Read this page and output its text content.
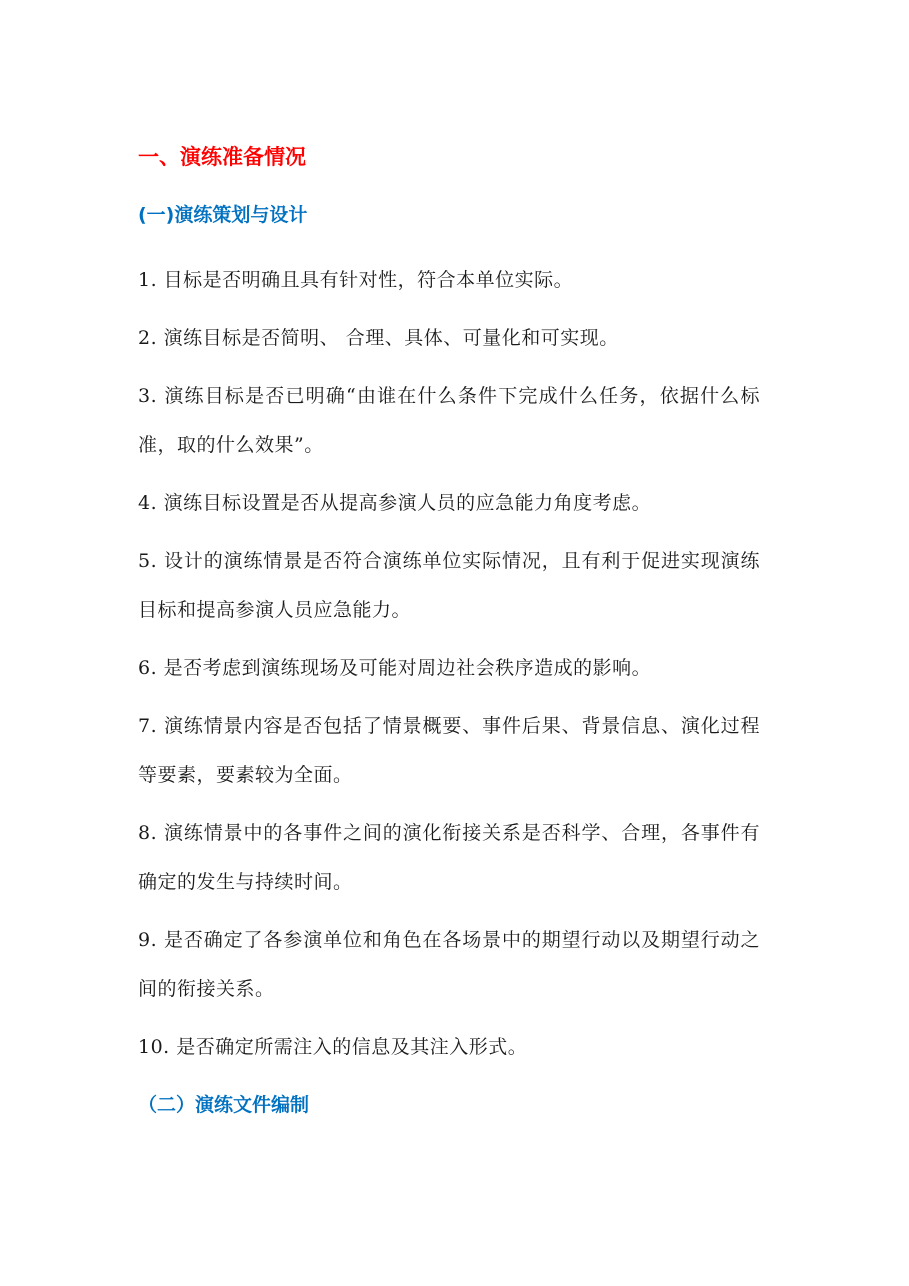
一、演练准备情况
(一)演练策划与设计
1. 目标是否明确且具有针对性，符合本单位实际。
2. 演练目标是否简明、 合理、具体、可量化和可实现。
3. 演练目标是否已明确“由谁在什么条件下完成什么任务，依据什么标准，取的什么效果”。
4. 演练目标设置是否从提高参演人员的应急能力角度考虑。
5. 设计的演练情景是否符合演练单位实际情况，且有利于促进实现演练目标和提高参演人员应急能力。
6. 是否考虑到演练现场及可能对周边社会秩序造成的影响。
7. 演练情景内容是否包括了情景概要、事件后果、背景信息、演化过程等要素，要素较为全面。
8. 演练情景中的各事件之间的演化衔接关系是否科学、合理，各事件有确定的发生与持续时间。
9. 是否确定了各参演单位和角色在各场景中的期望行动以及期望行动之间的衔接关系。
10. 是否确定所需注入的信息及其注入形式。
（二）演练文件编制
